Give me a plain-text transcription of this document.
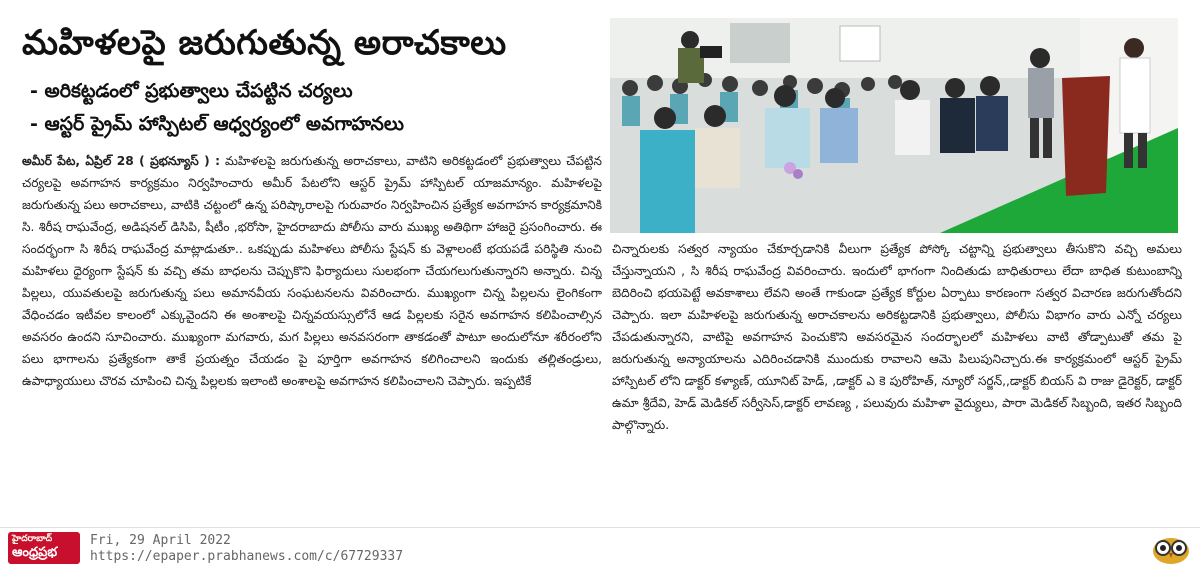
మహిళలపై జరుగుతున్న అరాచకాలు
- అరికట్టడంలో ప్రభుత్వాలు చేపట్టిన చర్యలు
- ఆస్టర్ ప్రైమ్ హాస్పిటల్ ఆధ్వర్యంలో అవగాహనలు

అమీర్ పేట, ఏప్రిల్ 28 ( ప్రభన్యూస్ ) : మహిళలపై జరుగుతున్న అరాచకాలు, వాటిని అరికట్టడంలో ప్రభుత్వాలు చేపట్టిన చర్యలపై అవగాహన కార్యక్రమం నిర్వహించారు అమీర్ పేటలోని ఆస్టర్ ప్రైమ్ హాస్పిటల్ యాజమాన్యం. మహిళలపై జరుగుతున్న పలు అరాచకాలు, వాటికి చట్టంలో ఉన్న పరిష్కారాలపై గురువారం నిర్వహించిన ప్రత్యేక అవగాహన కార్యక్రమానికి సి. శిరీష రాఘవేంద్ర, అడిషనల్ డిసిపి, షీటీం ,భరోసా, హైదరాబాదు పోలీసు వారు ముఖ్య అతిథిగా హాజరై ప్రసంగించారు. ఈ సందర్భంగా సి శిరీష రాఘవేంద్ర మాట్లాడుతూ.. ఒకప్పుడు మహిళలు పోలీసు స్టేషన్ కు వెళ్లాలంటే భయపడే పరిస్థితి నుంచి మహిళలు ధైర్యంగా స్టేషన్ కు వచ్చి తమ బాధలను చెప్పుకొని ఫిర్యాదులు సులభంగా చేయగలుగుతున్నారని అన్నారు. చిన్న పిల్లలు, యువతులపై జరుగుతున్న పలు అమానవీయ సంఘటనలను వివరించారు. ముఖ్యంగా చిన్న పిల్లలను లైంగికంగా వేధించడం ఇటీవల కాలంలో ఎక్కువైందని ఈ అంశాలపై చిన్నవయస్సులోనే ఆడ పిల్లలకు సరైన అవగాహన కలిపించాల్సిన అవసరం ఉందని సూచించారు. ముఖ్యంగా మగవారు, మగ పిల్లలు అనవసరంగా తాకడంతో పాటూ అందులోనూ శరీరంలోని పలు భాగాలను ప్రత్యేకంగా తాకే ప్రయత్నం చేయడం పై పూర్తిగా అవగాహన కలిగించాలని ఇందుకు తల్లితండ్రులు, ఉపాధ్యాయులు చొరవ చూపించి చిన్న పిల్లలకు ఇలాంటి అంశాలపై అవగాహన కలిపించాలని చెప్పారు. ఇప్పటికే

చిన్నారులకు సత్వర న్యాయం చేకూర్చడానికి వీలుగా ప్రత్యేక పోస్కో చట్టాన్ని ప్రభుత్వాలు తీసుకొని వచ్చి అమలు చేస్తున్నాయని , సి శిరీష రాఘవేంద్ర వివరించారు. ఇందులో భాగంగా నిందితుడు బాధితురాలు లేదా బాధిత కుటుంబాన్ని బెదిరించి భయపెట్టే అవకాశాలు లేవని అంతే గాకుండా ప్రత్యేక కోర్టుల ఏర్పాటు కారణంగా సత్వర విచారణ జరుగుతోందని చెప్పారు. ఇలా మహిళలపై జరుగుతున్న అరాచకాలను అరికట్టడానికి ప్రభుత్వాలు, పోలీసు విభాగం వారు ఎన్నో చర్యలు చేపడుతున్నారని, వాటిపై అవగాహన పెంచుకొని అవసరమైన సందర్భాలలో మహిళలు వాటి తోడ్పాటుతో తమ పై జరుగుతున్న అన్యాయాలను ఎదిరించడానికి ముందుకు రావాలని ఆమె పిలుపునిచ్చారు.ఈ కార్యక్రమంలో ఆస్టర్ ప్రైమ్ హాస్పిటల్ లోని డాక్టర్ కళ్యాణ్, యూనిట్ హెడ్, ,డాక్టర్ ఎ కె పురోహిత్, న్యూరో సర్జన్,,డాక్టర్ బియస్ వి రాజు డైరెక్టర్, డాక్టర్ ఉమా శ్రీదేవి, హెడ్ మెడికల్ సర్వీసెస్,డాక్టర్ లావణ్య , పలువురు మహిళా వైద్యులు, పారా మెడికల్ సిబ్బంది, ఇతర సిబ్బంది పాల్గొన్నారు.

హైదరాబాద్
ఆంధ్రప్రభ
Fri, 29 April 2022
https://epaper.prabhanews.com/c/67729337
